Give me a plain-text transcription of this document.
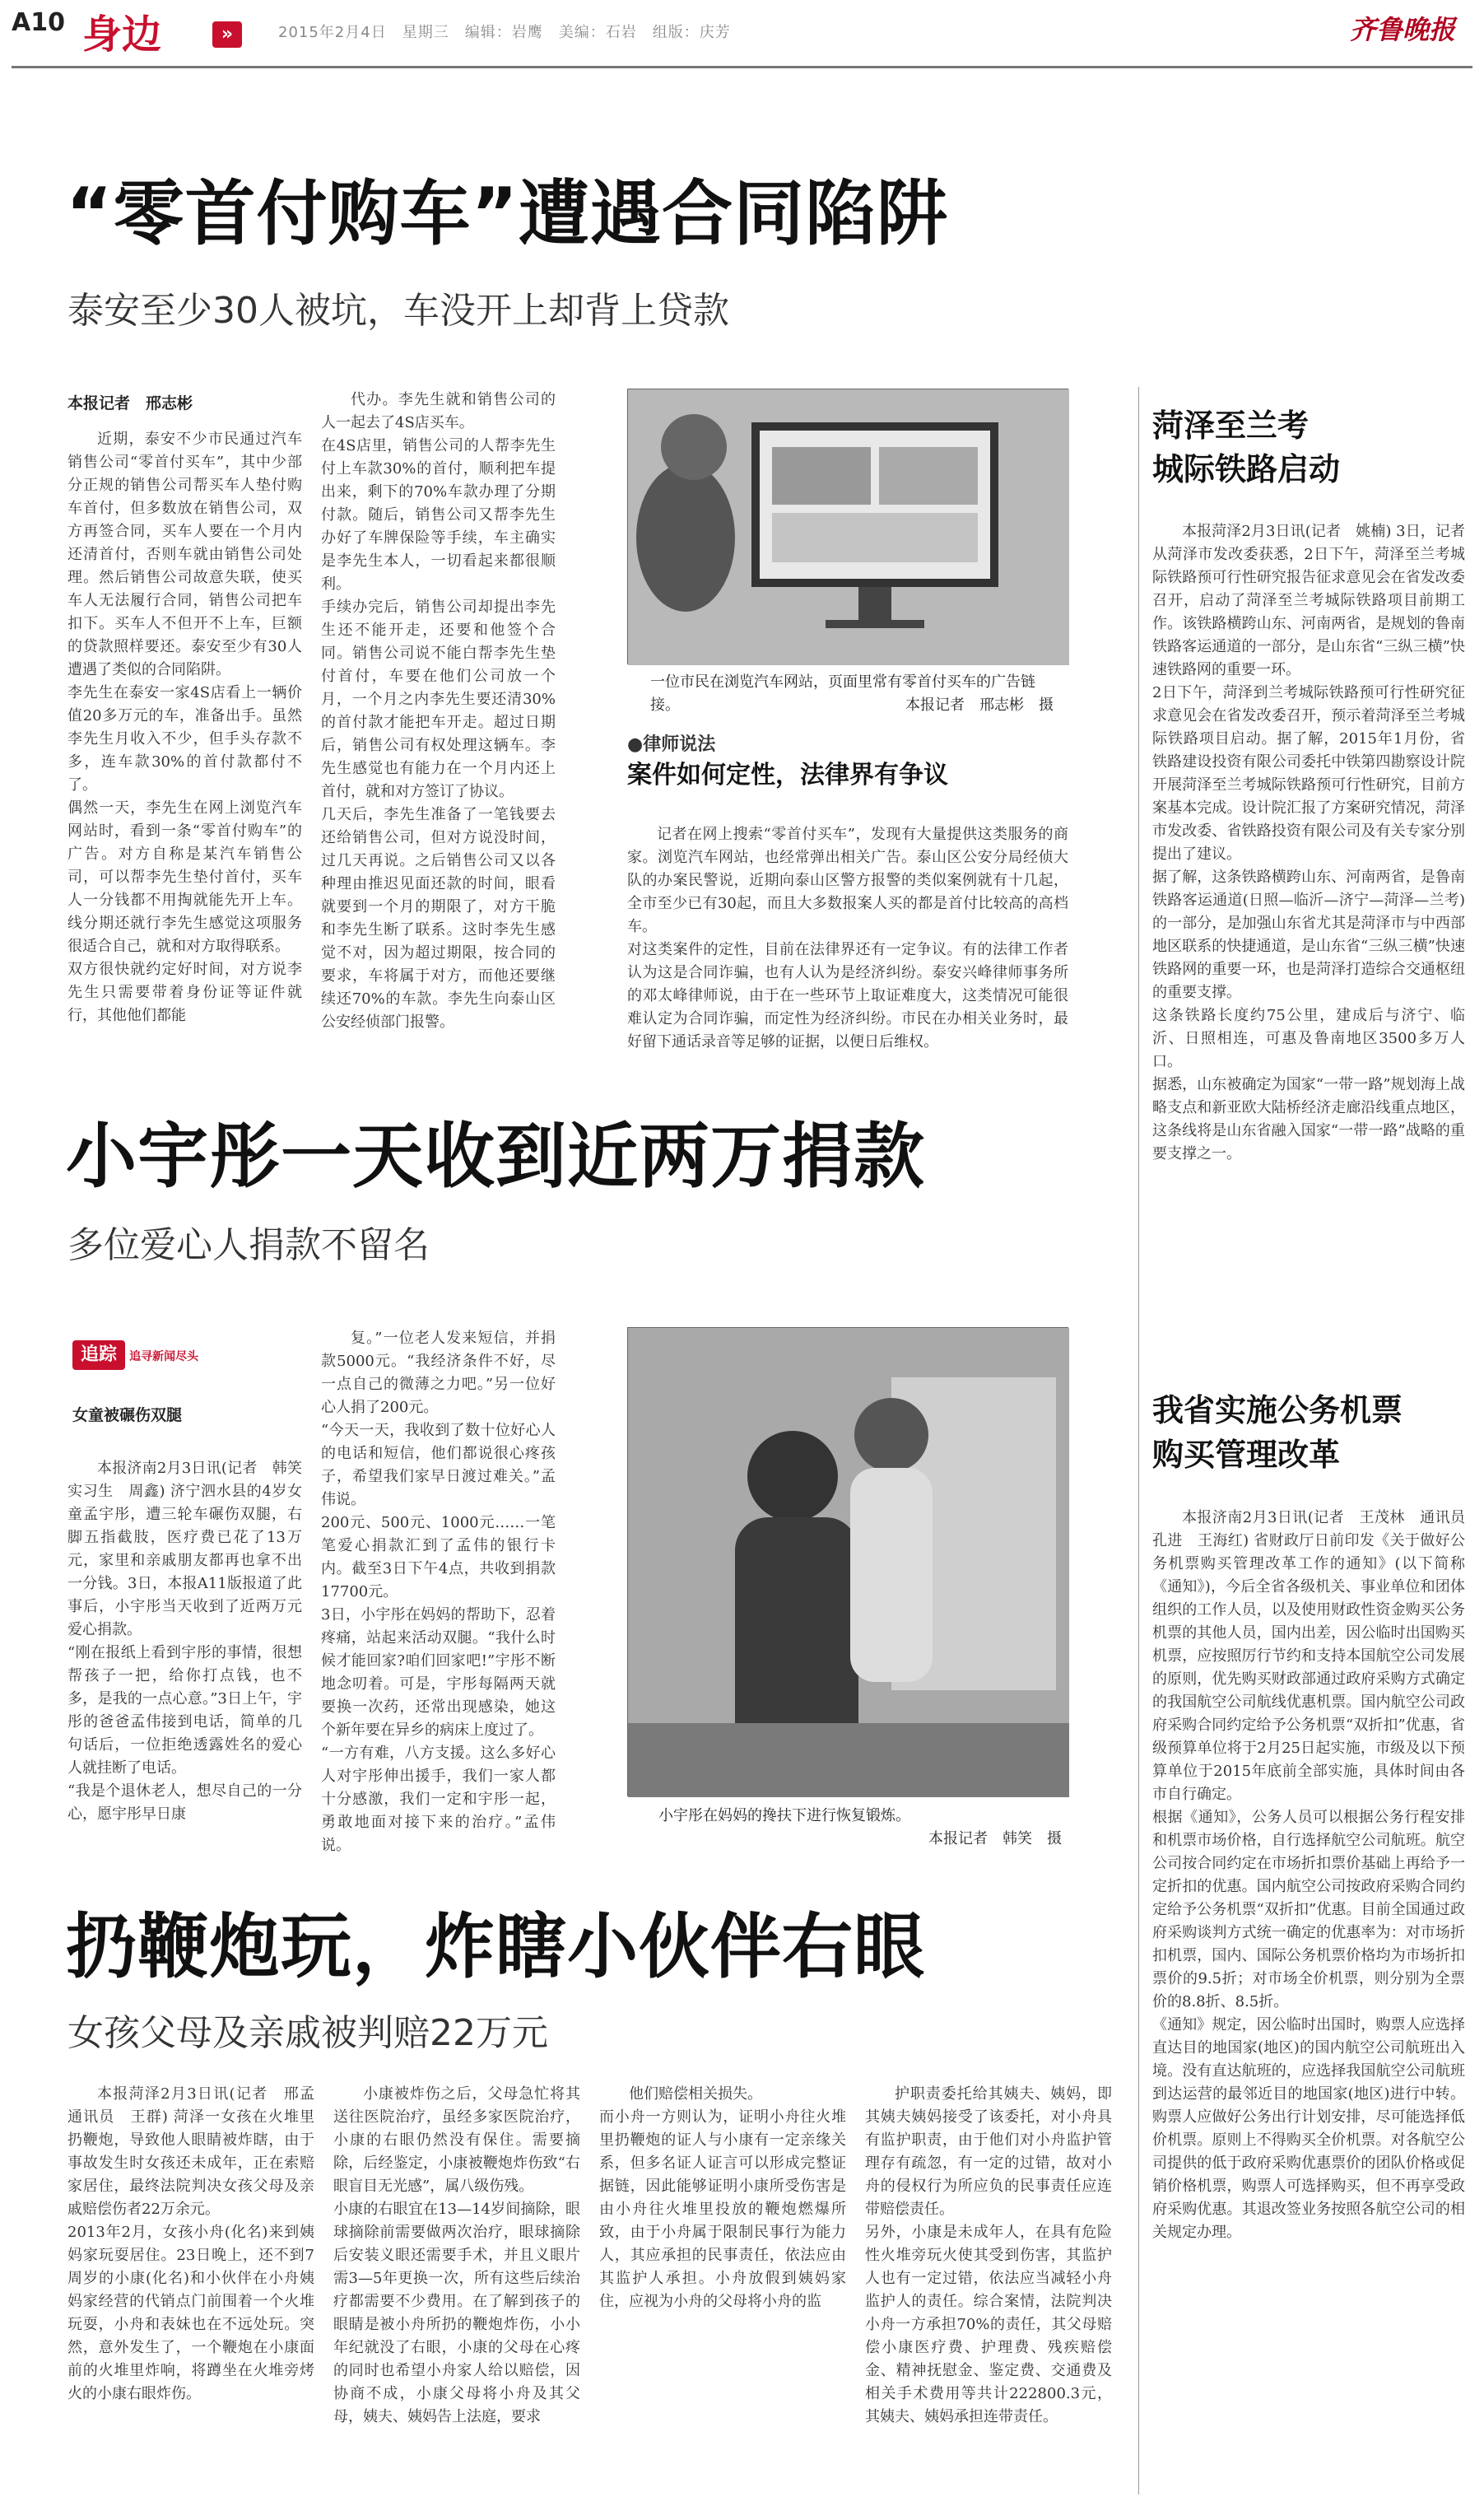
A10 身边	»	2015年2月4日　星期三　编辑：岩鹰　美编：石岩　组版：庆芳	齐鲁晚报
“零首付购车”遭遇合同陷阱
泰安至少30人被坑，车没开上却背上贷款
本报记者　邢志彬
近期，泰安不少市民通过汽车销售公司“零首付买车”，其中少部分正规的销售公司帮买车人垫付购车首付，但多数放在销售公司，双方再签合同，买车人要在一个月内还清首付，否则车就由销售公司处理。然后销售公司故意失联，使买车人无法履行合同，销售公司把车扣下。买车人不但开不上车，巨额的贷款照样要还。泰安至少有30人遭遇了类似的合同陷阱。
李先生在泰安一家4S店看上一辆价值20多万元的车，准备出手。虽然李先生月收入不少，但手头存款不多，连车款30%的首付款都付不了。
偶然一天，李先生在网上浏览汽车网站时，看到一条“零首付购车”的广告。对方自称是某汽车销售公司，可以帮李先生垫付首付，买车人一分钱都不用掏就能先开上车。线分期还就行李先生感觉这项服务很适合自己，就和对方取得联系。
双方很快就约定好时间，对方说李先生只需要带着身份证等证件就行，其他他们都能
代办。李先生就和销售公司的人一起去了4S店买车。
在4S店里，销售公司的人帮李先生付上车款30%的首付，顺利把车提出来，剩下的70%车款办理了分期付款。随后，销售公司又帮李先生办好了车牌保险等手续，车主确实是李先生本人，一切看起来都很顺利。
手续办完后，销售公司却提出李先生还不能开走，还要和他签个合同。销售公司说不能白帮李先生垫付首付，车要在他们公司放一个月，一个月之内李先生要还清30%的首付款才能把车开走。超过日期后，销售公司有权处理这辆车。李先生感觉也有能力在一个月内还上首付，就和对方签订了协议。
几天后，李先生准备了一笔钱要去还给销售公司，但对方说没时间，过几天再说。之后销售公司又以各种理由推迟见面还款的时间，眼看就要到一个月的期限了，对方干脆和李先生断了联系。这时李先生感觉不对，因为超过期限，按合同的要求，车将属于对方，而他还要继续还70%的车款。李先生向泰山区公安经侦部门报警。
一位市民在浏览汽车网站，页面里常有零首付买车的广告链接。	本报记者　邢志彬　摄
●律师说法
案件如何定性，法律界有争议
记者在网上搜索“零首付买车”，发现有大量提供这类服务的商家。浏览汽车网站，也经常弹出相关广告。泰山区公安分局经侦大队的办案民警说，近期向泰山区警方报警的类似案例就有十几起，全市至少已有30起，而且大多数报案人买的都是首付比较高的高档车。
对这类案件的定性，目前在法律界还有一定争议。有的法律工作者认为这是合同诈骗，也有人认为是经济纠纷。泰安兴峰律师事务所的邓太峰律师说，由于在一些环节上取证难度大，这类情况可能很难认定为合同诈骗，而定性为经济纠纷。市民在办相关业务时，最好留下通话录音等足够的证据，以便日后维权。
小宇彤一天收到近两万捐款
多位爱心人捐款不留名
追踪 追寻新闻尽头
女童被碾伤双腿
本报济南2月3日讯(记者　韩笑　实习生　周鑫) 济宁泗水县的4岁女童孟宇彤，遭三轮车碾伤双腿，右脚五指截肢，医疗费已花了13万元，家里和亲戚朋友都再也拿不出一分钱。3日，本报A11版报道了此事后，小宇彤当天收到了近两万元爱心捐款。
“刚在报纸上看到宇彤的事情，很想帮孩子一把，给你打点钱，也不多，是我的一点心意。”3日上午，宇彤的爸爸孟伟接到电话，简单的几句话后，一位拒绝透露姓名的爱心人就挂断了电话。
“我是个退休老人，想尽自己的一分心，愿宇彤早日康
复。”一位老人发来短信，并捐款5000元。“我经济条件不好，尽一点自己的微薄之力吧。”另一位好心人捐了200元。
“今天一天，我收到了数十位好心人的电话和短信，他们都说很心疼孩子，希望我们家早日渡过难关。”孟伟说。
200元、500元、1000元……一笔笔爱心捐款汇到了孟伟的银行卡内。截至3日下午4点，共收到捐款17700元。
3日，小宇彤在妈妈的帮助下，忍着疼痛，站起来活动双腿。“我什么时候才能回家?咱们回家吧!”宇彤不断地念叨着。可是，宇彤每隔两天就要换一次药，还常出现感染，她这个新年要在异乡的病床上度过了。
“一方有难，八方支援。这么多好心人对宇彤伸出援手，我们一家人都十分感激，我们一定和宇彤一起，勇敢地面对接下来的治疗。”孟伟说。
小宇彤在妈妈的搀扶下进行恢复锻炼。
本报记者　韩笑　摄
扔鞭炮玩，炸瞎小伙伴右眼
女孩父母及亲戚被判赔22万元
本报菏泽2月3日讯(记者　邢孟　通讯员　王群) 菏泽一女孩在火堆里扔鞭炮，导致他人眼睛被炸瞎，由于事故发生时女孩还未成年，正在索赔家居住，最终法院判决女孩父母及亲戚赔偿伤者22万余元。
2013年2月，女孩小舟(化名)来到姨妈家玩耍居住。23日晚上，还不到7周岁的小康(化名)和小伙伴在小舟姨妈家经营的代销点门前围着一个火堆玩耍，小舟和表妹也在不远处玩。突然，意外发生了，一个鞭炮在小康面前的火堆里炸响，将蹲坐在火堆旁烤火的小康右眼炸伤。
小康被炸伤之后，父母急忙将其送往医院治疗，虽经多家医院治疗，小康的右眼仍然没有保住。需要摘除，后经鉴定，小康被鞭炮炸伤致“右眼盲目无光感”，属八级伤残。
小康的右眼宜在13—14岁间摘除，眼球摘除前需要做两次治疗，眼球摘除后安装义眼还需要手术，并且义眼片需3—5年更换一次，所有这些后续治疗都需要不少费用。在了解到孩子的眼睛是被小舟所扔的鞭炮炸伤，小小年纪就没了右眼，小康的父母在心疼的同时也希望小舟家人给以赔偿，因协商不成，小康父母将小舟及其父母，姨夫、姨妈告上法庭，要求
他们赔偿相关损失。
而小舟一方则认为，证明小舟往火堆里扔鞭炮的证人与小康有一定亲缘关系，但多名证人证言可以形成完整证据链，因此能够证明小康所受伤害是由小舟往火堆里投放的鞭炮燃爆所致，由于小舟属于限制民事行为能力人，其应承担的民事责任，依法应由其监护人承担。小舟放假到姨妈家住，应视为小舟的父母将小舟的监
护职责委托给其姨夫、姨妈，即其姨夫姨妈接受了该委托，对小舟具有监护职责，由于他们对小舟监护管理存有疏忽，有一定的过错，故对小舟的侵权行为所应负的民事责任应连带赔偿责任。
另外，小康是未成年人，在具有危险性火堆旁玩火使其受到伤害，其监护人也有一定过错，依法应当减轻小舟监护人的责任。综合案情，法院判决小舟一方承担70%的责任，其父母赔偿小康医疗费、护理费、残疾赔偿金、精神抚慰金、鉴定费、交通费及相关手术费用等共计222800.3元，其姨夫、姨妈承担连带责任。
菏泽至兰考
城际铁路启动
本报菏泽2月3日讯(记者　姚楠) 3日，记者从菏泽市发改委获悉，2日下午，菏泽至兰考城际铁路预可行性研究报告征求意见会在省发改委召开，启动了菏泽至兰考城际铁路项目前期工作。该铁路横跨山东、河南两省，是规划的鲁南铁路客运通道的一部分，是山东省“三纵三横”快速铁路网的重要一环。
2日下午，菏泽到兰考城际铁路预可行性研究征求意见会在省发改委召开，预示着菏泽至兰考城际铁路项目启动。据了解，2015年1月份，省铁路建设投资有限公司委托中铁第四勘察设计院开展菏泽至兰考城际铁路预可行性研究，目前方案基本完成。设计院汇报了方案研究情况，菏泽市发改委、省铁路投资有限公司及有关专家分别提出了建议。
据了解，这条铁路横跨山东、河南两省，是鲁南铁路客运通道(日照—临沂—济宁—菏泽—兰考)的一部分，是加强山东省尤其是菏泽市与中西部地区联系的快捷通道，是山东省“三纵三横”快速铁路网的重要一环，也是菏泽打造综合交通枢纽的重要支撑。
这条铁路长度约75公里，建成后与济宁、临沂、日照相连，可惠及鲁南地区3500多万人口。
据悉，山东被确定为国家“一带一路”规划海上战略支点和新亚欧大陆桥经济走廊沿线重点地区，这条线将是山东省融入国家“一带一路”战略的重要支撑之一。
我省实施公务机票
购买管理改革
本报济南2月3日讯(记者　王茂林　通讯员　孔进　王海红) 省财政厅日前印发《关于做好公务机票购买管理改革工作的通知》(以下简称《通知》)，今后全省各级机关、事业单位和团体组织的工作人员，以及使用财政性资金购买公务机票的其他人员，国内出差，因公临时出国购买机票，应按照厉行节约和支持本国航空公司发展的原则，优先购买财政部通过政府采购方式确定的我国航空公司航线优惠机票。国内航空公司政府采购合同约定给予公务机票“双折扣”优惠，省级预算单位将于2月25日起实施，市级及以下预算单位于2015年底前全部实施，具体时间由各市自行确定。
根据《通知》，公务人员可以根据公务行程安排和机票市场价格，自行选择航空公司航班。航空公司按合同约定在市场折扣票价基础上再给予一定折扣的优惠。国内航空公司按政府采购合同约定给予公务机票“双折扣”优惠。目前全国通过政府采购谈判方式统一确定的优惠率为：对市场折扣机票，国内、国际公务机票价格均为市场折扣票价的9.5折；对市场全价机票，则分别为全票价的8.8折、8.5折。
《通知》规定，因公临时出国时，购票人应选择直达目的地国家(地区)的国内航空公司航班出入境。没有直达航班的，应选择我国航空公司航班到达运营的最邻近目的地国家(地区)进行中转。购票人应做好公务出行计划安排，尽可能选择低价机票。原则上不得购买全价机票。对各航空公司提供的低于政府采购优惠票价的团队价格或促销价格机票，购票人可选择购买，但不再享受政府采购优惠。其退改签业务按照各航空公司的相关规定办理。
